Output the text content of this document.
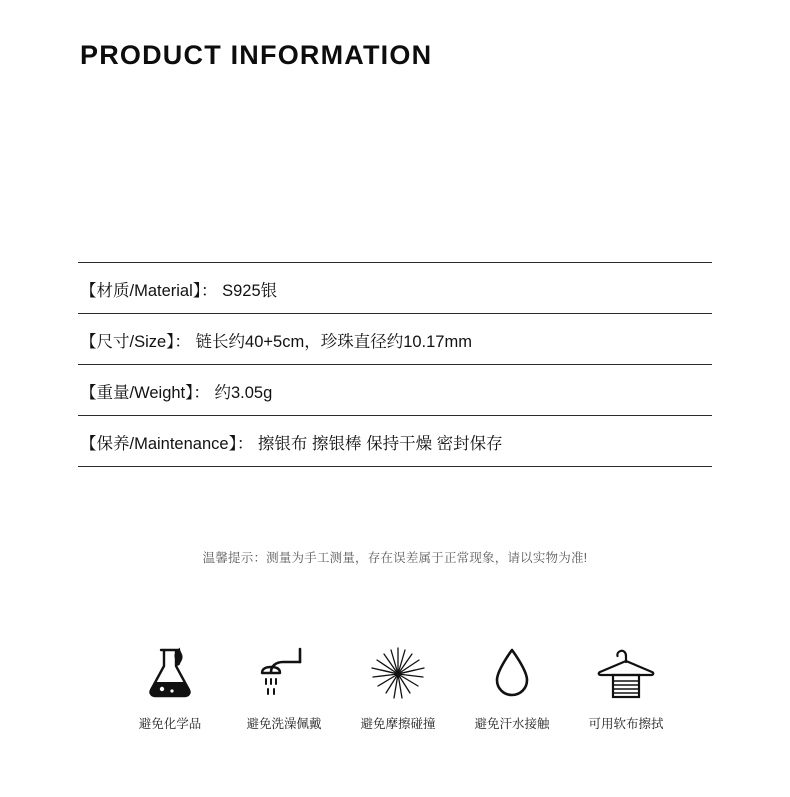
PRODUCT INFORMATION
【材质/Material】： S925银
【尺寸/Size】： 链长约40+5cm，珍珠直径约10.17mm
【重量/Weight】： 约3.05g
【保养/Maintenance】： 擦银布 擦银棒 保持干燥 密封保存
温馨提示：测量为手工测量，存在误差属于正常现象，请以实物为准!
避免化学品	避免洗澡佩戴	避免摩擦碰撞	避免汗水接触	可用软布擦拭
